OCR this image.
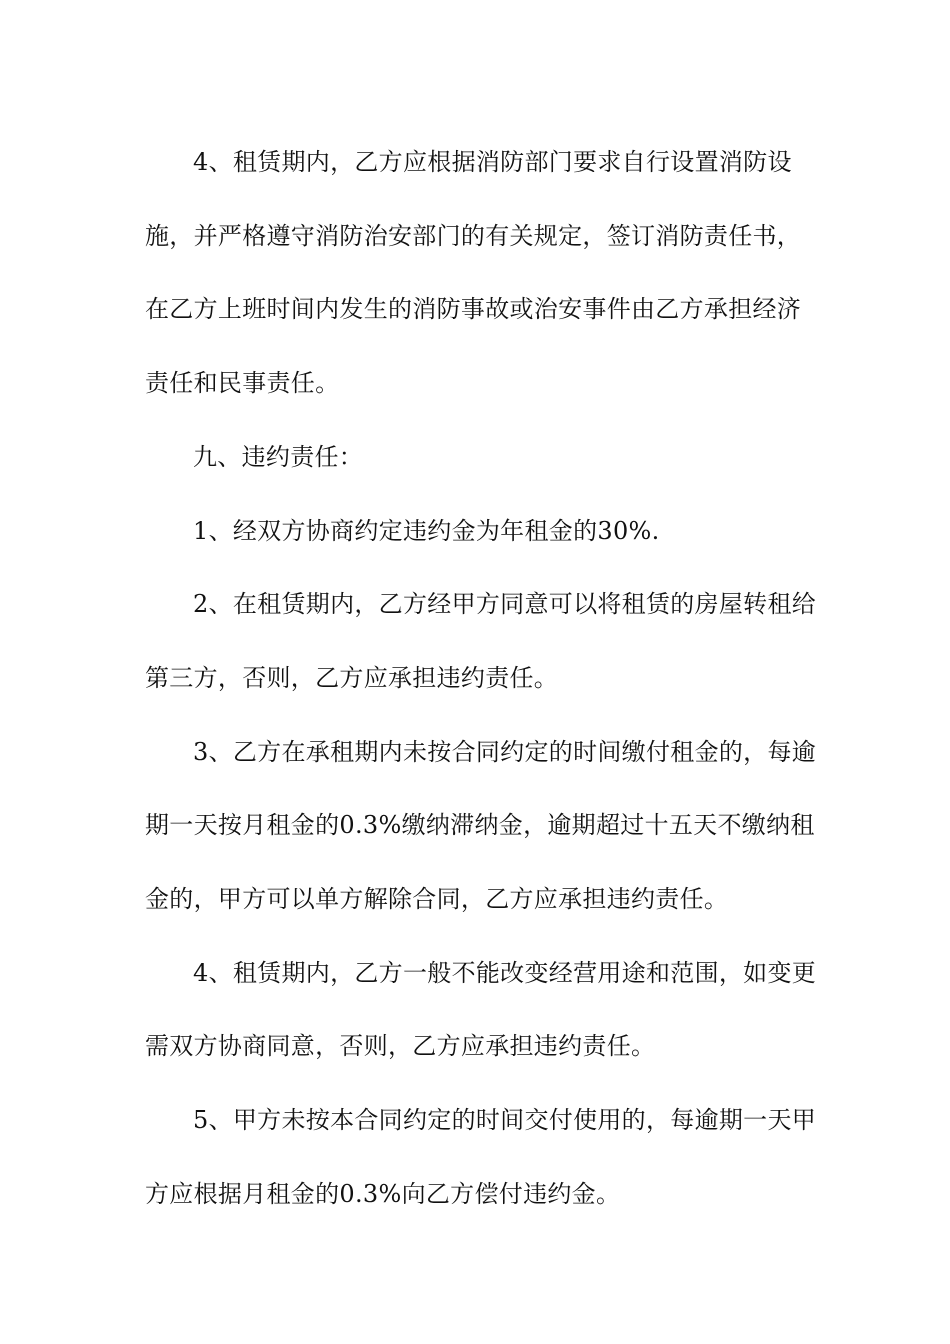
4、租赁期内，乙方应根据消防部门要求自行设置消防设施，并严格遵守消防治安部门的有关规定，签订消防责任书，在乙方上班时间内发生的消防事故或治安事件由乙方承担经济责任和民事责任。

九、违约责任：

1、经双方协商约定违约金为年租金的30%.

2、在租赁期内，乙方经甲方同意可以将租赁的房屋转租给第三方，否则，乙方应承担违约责任。

3、乙方在承租期内未按合同约定的时间缴付租金的，每逾期一天按月租金的0.3%缴纳滞纳金，逾期超过十五天不缴纳租金的，甲方可以单方解除合同，乙方应承担违约责任。

4、租赁期内，乙方一般不能改变经营用途和范围，如变更需双方协商同意，否则，乙方应承担违约责任。

5、甲方未按本合同约定的时间交付使用的，每逾期一天甲方应根据月租金的0.3%向乙方偿付违约金。
